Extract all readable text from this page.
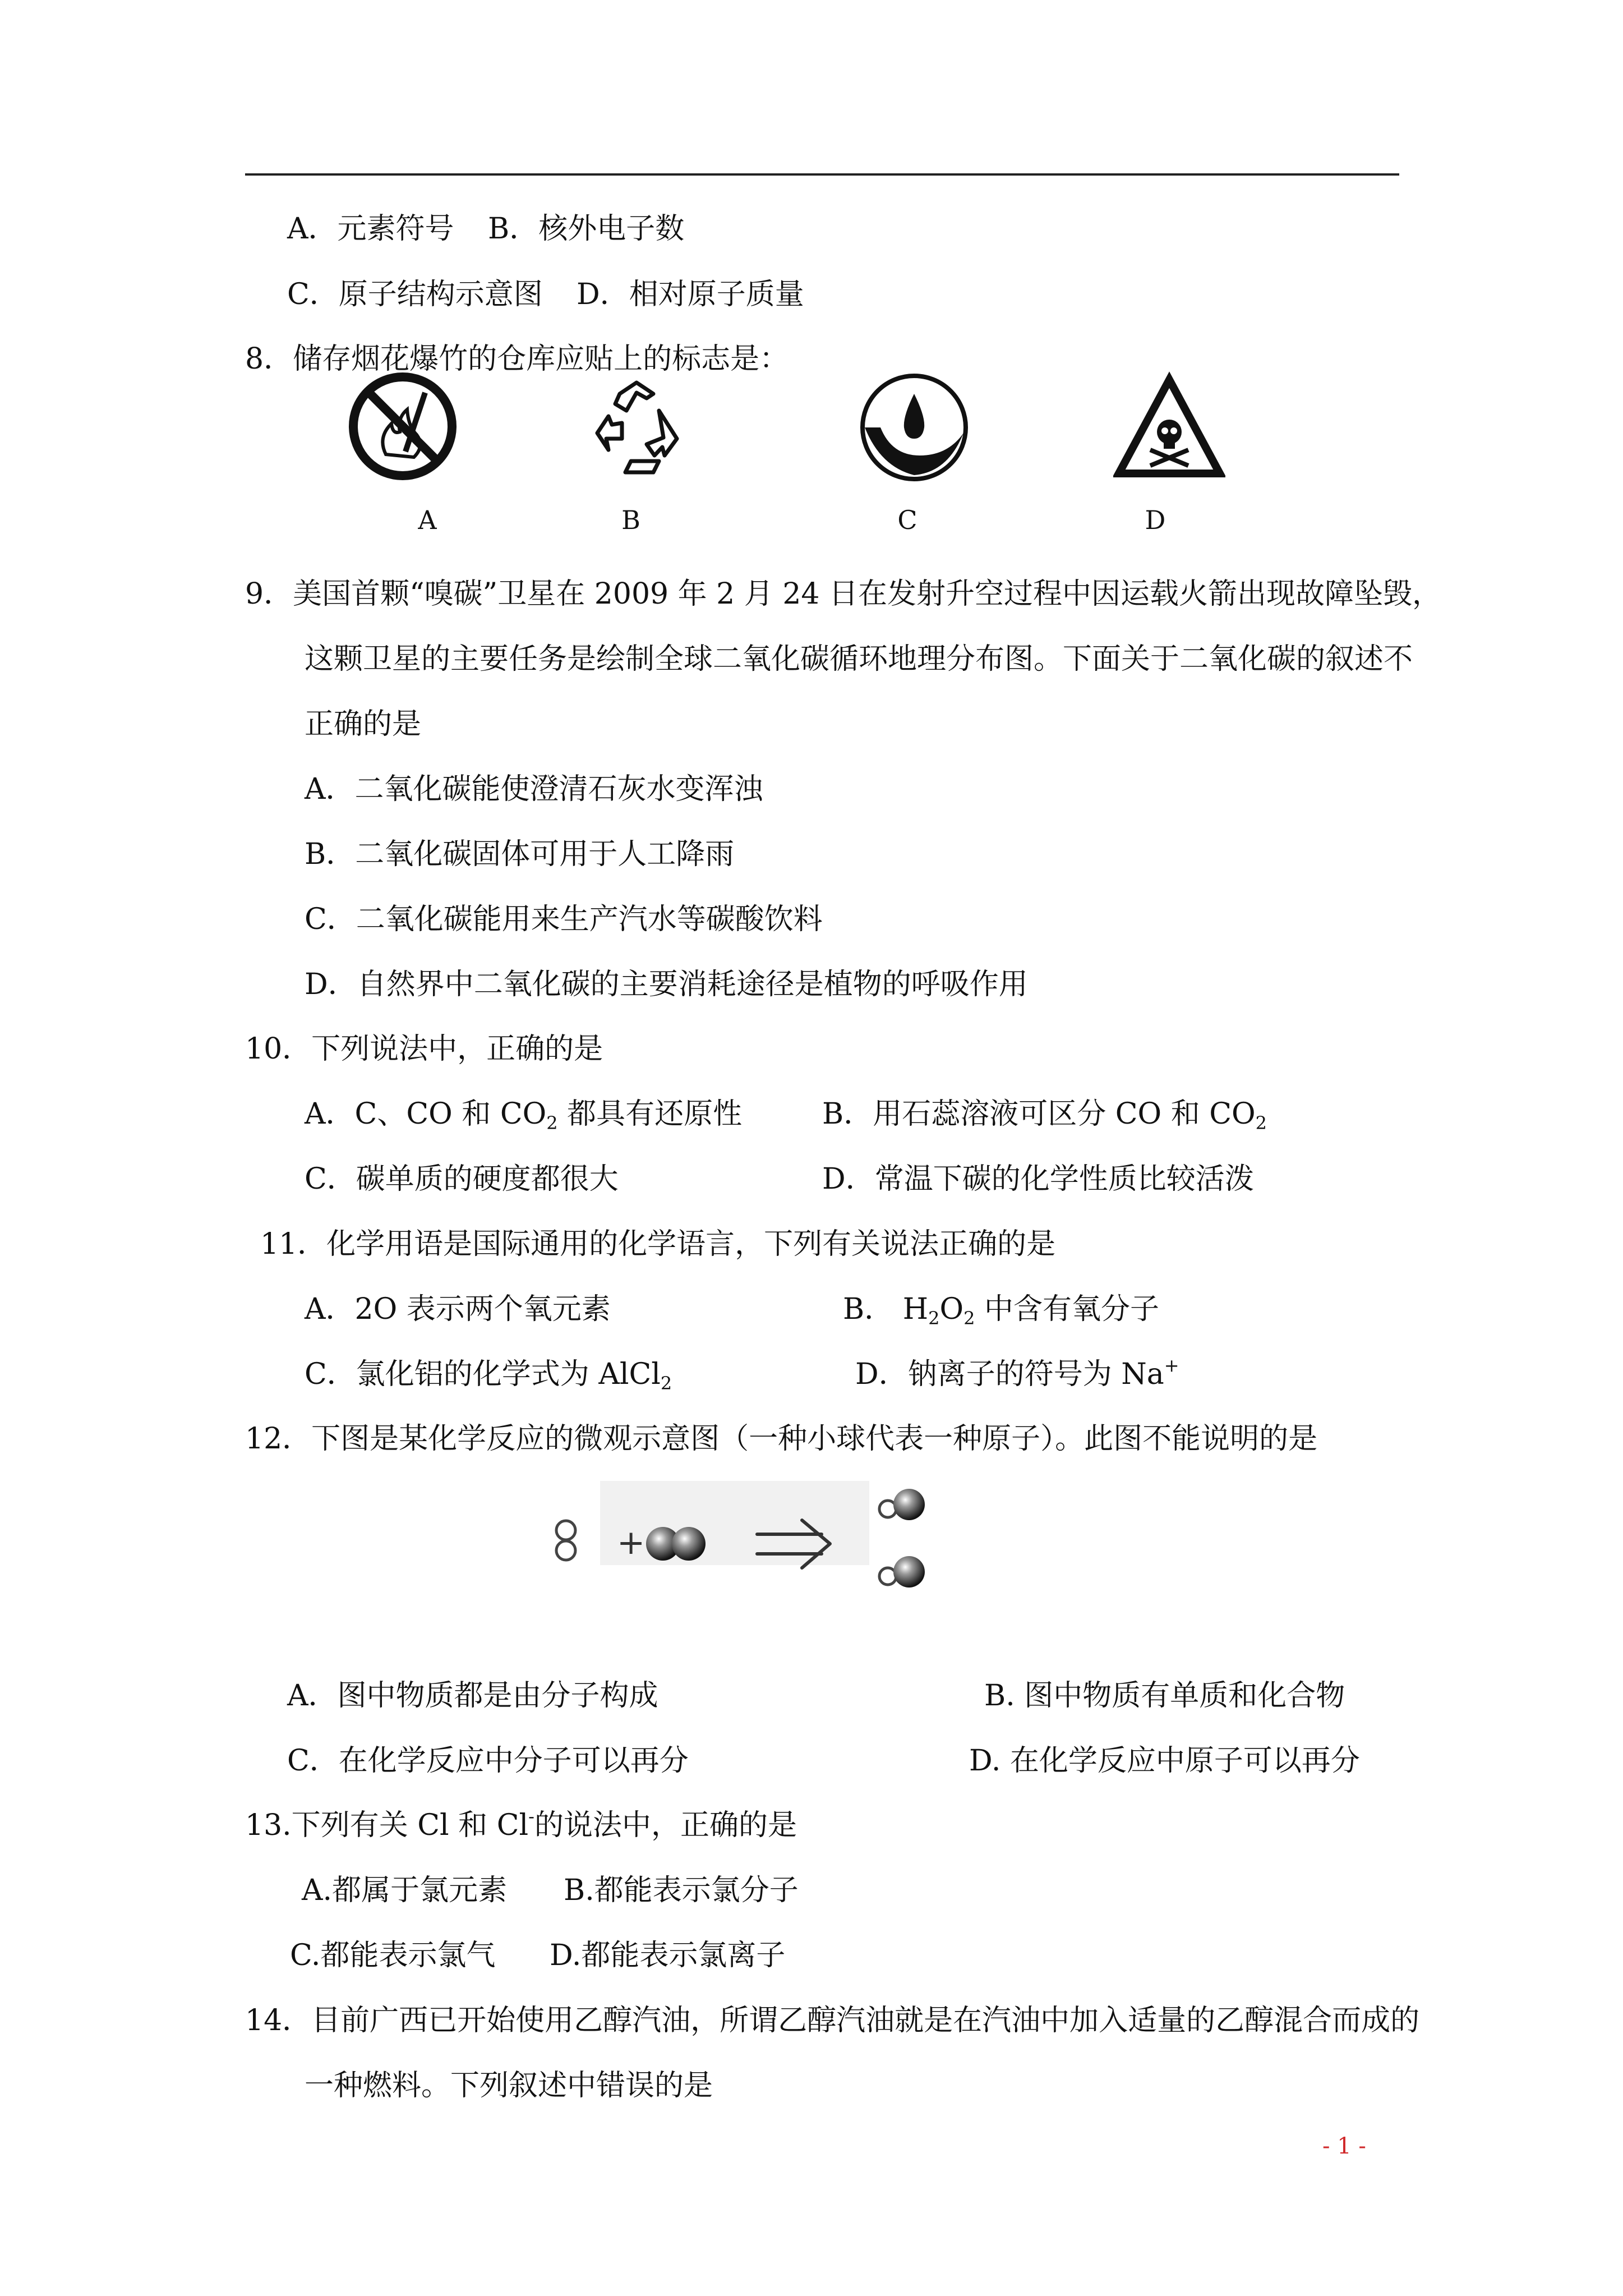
A．元素符号 B．核外电子数
C．原子结构示意图 D．相对原子质量
8．储存烟花爆竹的仓库应贴上的标志是：
A	B	C	D
9．美国首颗“嗅碳”卫星在 2009 年 2 月 24 日在发射升空过程中因运载火箭出现故障坠毁，
这颗卫星的主要任务是绘制全球二氧化碳循环地理分布图。下面关于二氧化碳的叙述不
正确的是
A．二氧化碳能使澄清石灰水变浑浊
B．二氧化碳固体可用于人工降雨
C．二氧化碳能用来生产汽水等碳酸饮料
D．自然界中二氧化碳的主要消耗途径是植物的呼吸作用
10．下列说法中，正确的是
A．C、CO 和 $CO_2$ 都具有还原性	B．用石蕊溶液可区分 CO 和 $CO_2$
C．碳单质的硬度都很大	D．常温下碳的化学性质比较活泼
11．化学用语是国际通用的化学语言，下列有关说法正确的是
A．2O 表示两个氧元素	B． $H_2O_2$ 中含有氧分子
C．氯化铝的化学式为 AlCl$_2$	D．钠离子的符号为 Na+
12．下图是某化学反应的微观示意图（一种小球代表一种原子）。此图不能说明的是
+
A．图中物质都是由分子构成	B. 图中物质有单质和化合物
C．在化学反应中分子可以再分	D. 在化学反应中原子可以再分
13.下列有关 Cl 和 Cl-的说法中，正确的是
A.都属于氯元素 B.都能表示氯分子
C.都能表示氯气 D.都能表示氯离子
14．目前广西已开始使用乙醇汽油，所谓乙醇汽油就是在汽油中加入适量的乙醇混合而成的
一种燃料。下列叙述中错误的是
- 1 -
